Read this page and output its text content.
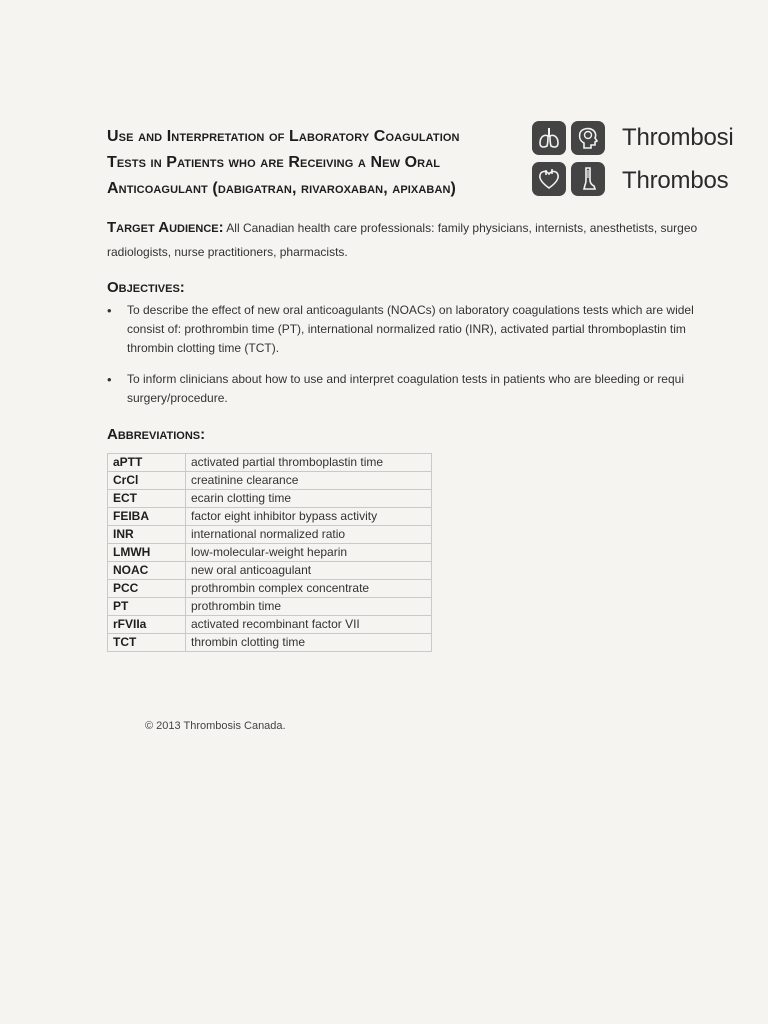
Use and Interpretation of Laboratory Coagulation
Tests in Patients who are Receiving a New Oral
Anticoagulant (dabigatran, rivaroxaban, apixaban)
Thrombosi
Thrombos
Target Audience: All Canadian health care professionals: family physicians, internists, anesthetists, surgeo
radiologists, nurse practitioners, pharmacists.
Objectives:
• To describe the effect of new oral anticoagulants (NOACs) on laboratory coagulations tests which are widel
consist of: prothrombin time (PT), international normalized ratio (INR), activated partial thromboplastin tim
thrombin clotting time (TCT).
• To inform clinicians about how to use and interpret coagulation tests in patients who are bleeding or requi
surgery/procedure.
Abbreviations:
aPTT	activated partial thromboplastin time
CrCl	creatinine clearance
ECT	ecarin clotting time
FEIBA	factor eight inhibitor bypass activity
INR	international normalized ratio
LMWH	low-molecular-weight heparin
NOAC	new oral anticoagulant
PCC	prothrombin complex concentrate
PT	prothrombin time
rFVIIa	activated recombinant factor VII
TCT	thrombin clotting time
© 2013 Thrombosis Canada.
